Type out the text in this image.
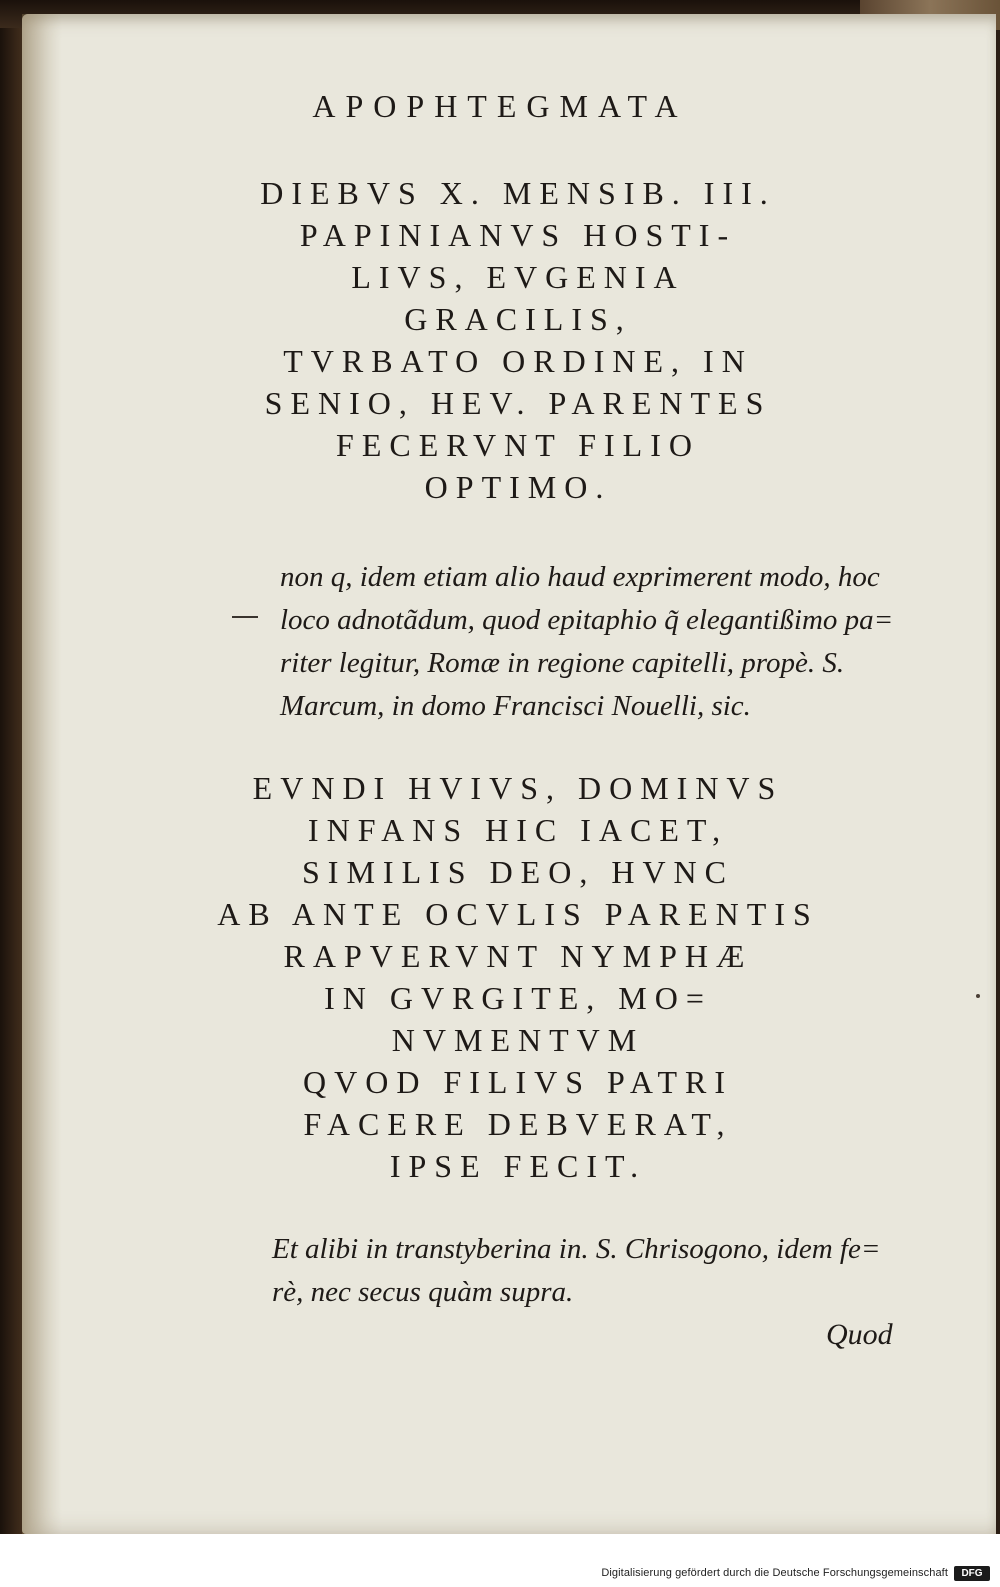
APOPHTEGMATA
DIEBVS X. MENSIB. III.
PAPINIANVS HOSTI-
LIVS, EVGENIA
GRACILIS,
TVRBATO ORDINE, IN
SENIO, HEV. PARENTES
FECERVNT FILIO
OPTIMO.
non q, idem etiam alio haud exprimerent modo, hoc
loco adnotãdum, quod epitaphio q̃ elegantißimo pa=
riter legitur, Romæ in regione capitelli, propè. S.
Marcum, in domo Francisci Nouelli, sic.
EVNDI HVIVS, DOMINVS
INFANS HIC IACET,
SIMILIS DEO, HVNC
AB ANTE OCVLIS PARENTIS
RAPVERVNT NYMPHÆ
IN GVRGITE, MO=
NVMENTVM
QVOD FILIVS PATRI
FACERE DEBVERAT,
IPSE FECIT.
Et alibi in transtyberina in. S. Chrisogono, idem fe=
rè, nec secus quàm supra.
Quod
Digitalisierung gefördert durch die Deutsche Forschungsgemeinschaft	DFG
